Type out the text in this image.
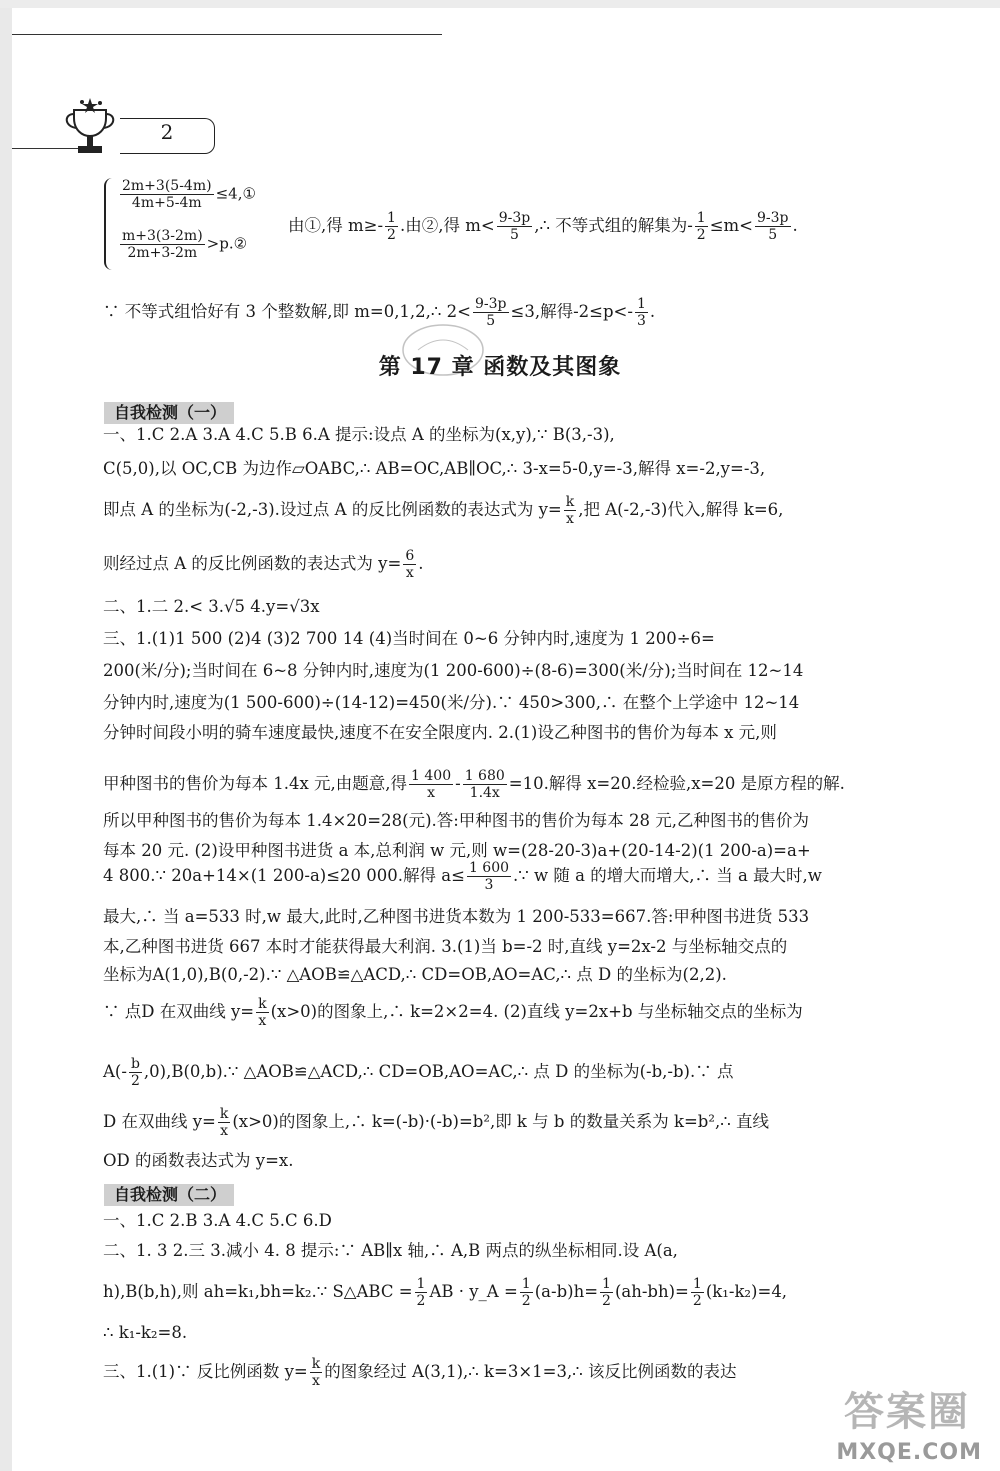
2
$\frac{2m+3(5-4m)}{4m+5-4m}$ ≤4,①
$\frac{m+3(3-2m)}{2m+3-2m}$ >p.②
由①,得 $m\ge- \frac{1}{2}$ .由②,得 $m< \frac{9-3p}{5}$ ,∴ 不等式组的解集为- $\frac{1}{2} \le m< \frac{9-3p}{5}$ .
∵ 不等式组恰好有 3 个整数解,即 m=0,1,2,∴ $2< \frac{9-3p}{5} \le 3$,解得$-2\le p<- \frac{1}{3}$ .
第 17 章 函数及其图象
自我检测（一）
一、1.C 2.A 3.A 4.C 5.B 6.A 提示:设点 A 的坐标为(x,y),∵ B(3,-3),
C(5,0),以 OC,CB 为边作▱OABC,∴ AB=OC,AB∥OC,∴ 3-x=5-0,y=-3,解得 x=-2,y=-3,
即点 A 的坐标为(-2,-3).设过点 A 的反比例函数的表达式为 $y= \frac{k}{x}$ ,把 A(-2,-3)代入,解得 k=6,
则经过点 A 的反比例函数的表达式为 $y= \frac{6}{x}$ .
二、1.二 2.< 3.√5 4.y=√3x
三、1.(1)1 500 (2)4 (3)2 700 14 (4)当时间在 0~6 分钟内时,速度为 1 200÷6=
200(米/分);当时间在 6~8 分钟内时,速度为(1 200-600)÷(8-6)=300(米/分);当时间在 12~14
分钟内时,速度为(1 500-600)÷(14-12)=450(米/分).∵ 450>300,∴ 在整个上学途中 12~14
分钟时间段小明的骑车速度最快,速度不在安全限度内. 2.(1)设乙种图书的售价为每本 x 元,则
甲种图书的售价为每本 1.4x 元,由题意,得 $\frac{1 400}{x} - \frac{1 680}{1.4x} =10$.解得 x=20.经检验,x=20 是原方程的解.
所以甲种图书的售价为每本 1.4×20=28(元).答:甲种图书的售价为每本 28 元,乙种图书的售价为
每本 20 元. (2)设甲种图书进货 a 本,总利润 w 元,则 w=(28-20-3)a+(20-14-2)(1 200-a)=a+
4 800.∵ 20a+14×(1 200-a)≤20 000.解得 $a\le \frac{1 600}{3}$ .∵ w 随 a 的增大而增大,∴ 当 a 最大时,w
最大,∴ 当 a=533 时,w 最大,此时,乙种图书进货本数为 1 200-533=667.答:甲种图书进货 533
本,乙种图书进货 667 本时才能获得最大利润. 3.(1)当 b=-2 时,直线 y=2x-2 与坐标轴交点的
坐标为A(1,0),B(0,-2).∵ △AOB≌△ACD,∴ CD=OB,AO=AC,∴ 点 D 的坐标为(2,2).
∵ 点D 在双曲线 $y= \frac{k}{x} (x>0)$的图象上,∴ k=2×2=4. (2)直线 y=2x+b 与坐标轴交点的坐标为
$A(- \frac{b}{2}$ ,0),B(0,b).∵ △AOB≌△ACD,∴ CD=OB,AO=AC,∴ 点 D 的坐标为(-b,-b).∵ 点
D 在双曲线 $y= \frac{k}{x} (x>0)$的图象上,∴ k=(-b)·(-b)=b²,即 k 与 b 的数量关系为 k=b²,∴ 直线
OD 的函数表达式为 y=x.
自我检测（二）
一、1.C 2.B 3.A 4.C 5.C 6.D
二、1. 3 2.三 3.减小 4. 8 提示:∵ AB∥x 轴,∴ A,B 两点的纵坐标相同.设 A(a,
h),B(b,h),则 ah=k₁,bh=k₂.∵ S△ABC = $\frac{1}{2}$ AB · y_A = $\frac{1}{2} (a-b)h= \frac{1}{2} (ah-bh)= \frac{1}{2} (k_1-k_2)=4$,
∴ k₁-k₂=8.
三、1.(1)∵ 反比例函数 $y= \frac{k}{x}$ 的图象经过 A(3,1),∴ k=3×1=3,∴ 该反比例函数的表达
答案圈
MXQE.COM
